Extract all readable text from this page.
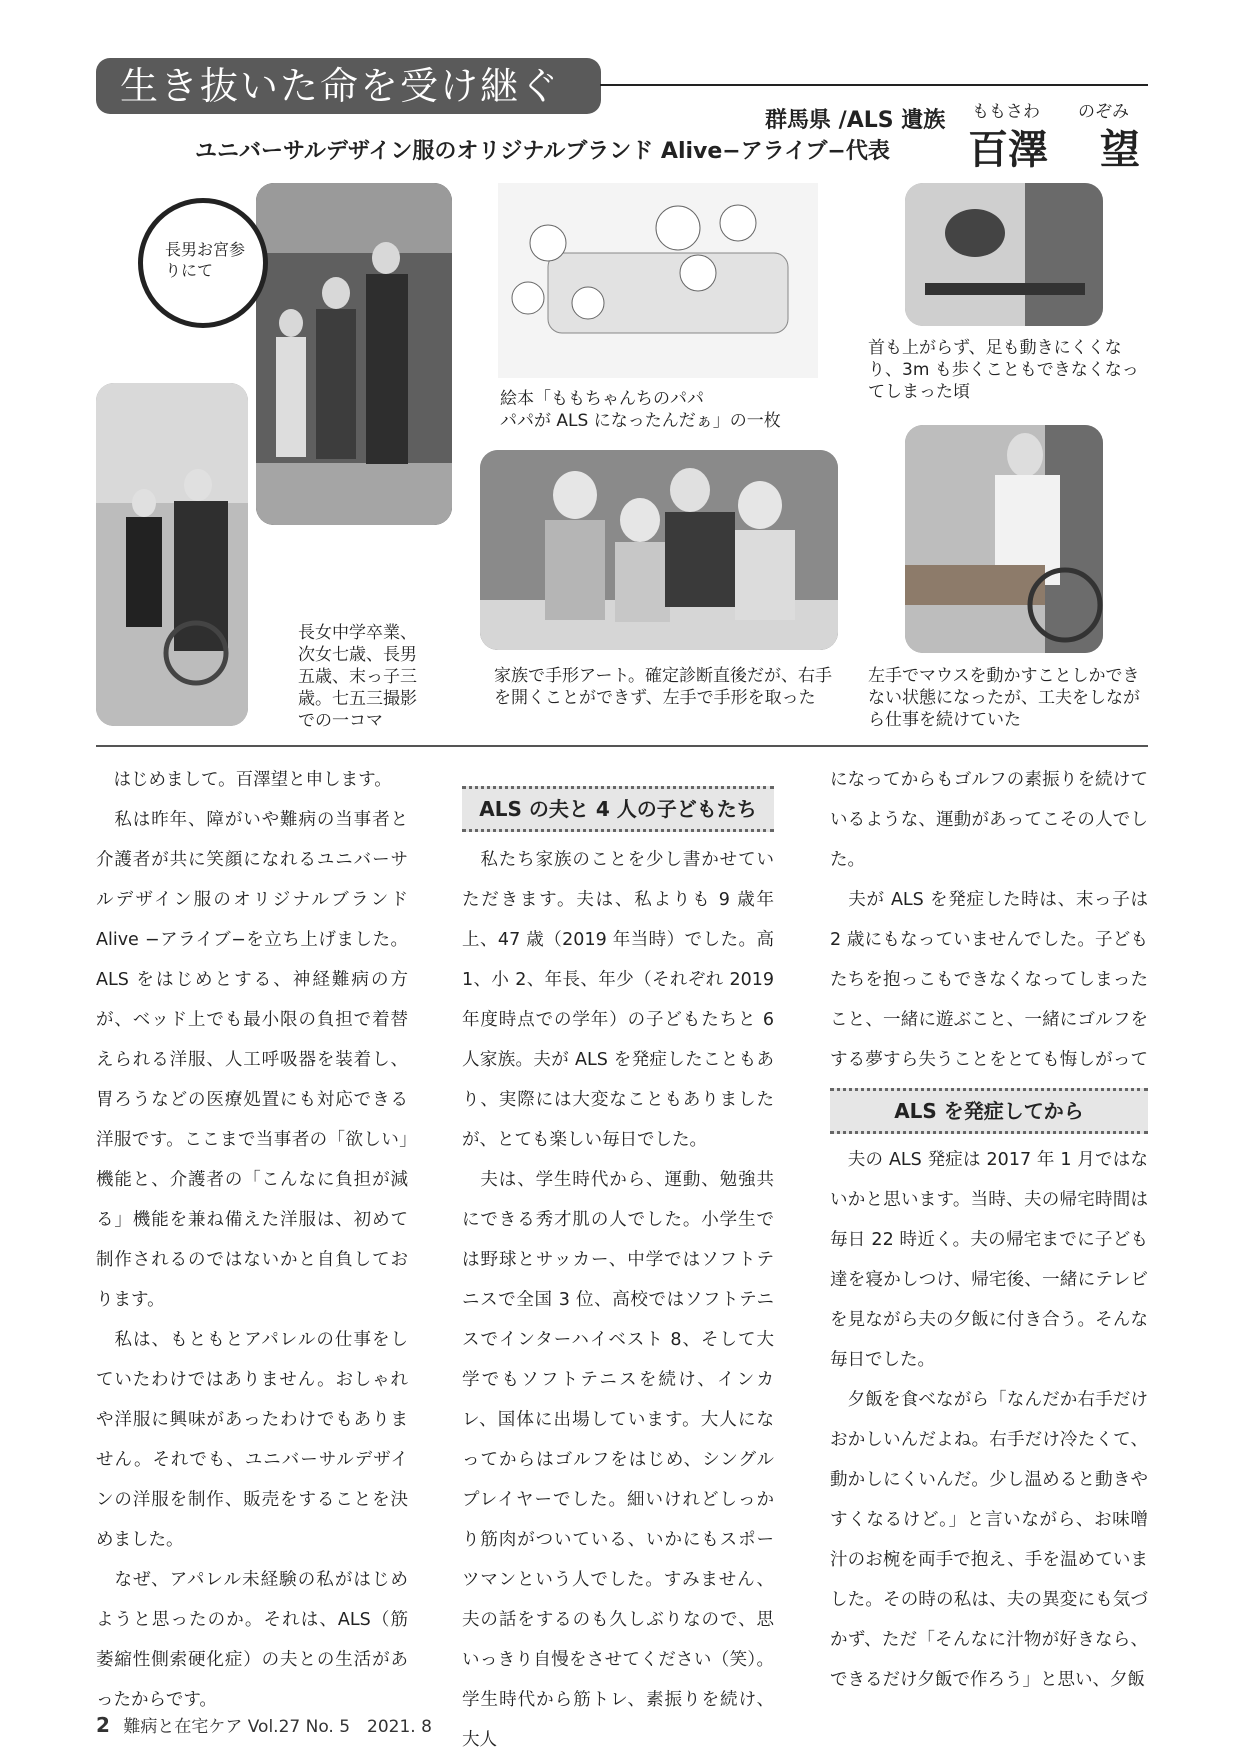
生き抜いた命を受け継ぐ
ももさわ のぞみ
群馬県 /ALS 遺族
ユニバーサルデザイン服のオリジナルブランド Alive−アライブ−代表 百澤 望
長男お宮参りにて
長女中学卒業、次女七歳、長男五歳、末っ子三歳。七五三撮影での一コマ
絵本「ももちゃんちのパパ
パパが ALS になったんだぁ」の一枚
首も上がらず、足も動きにくくなり、3m も歩くこともできなくなってしまった頃
家族で手形アート。確定診断直後だが、右手を開くことができず、左手で手形を取った
左手でマウスを動かすことしかできない状態になったが、工夫をしながら仕事を続けていた
　はじめまして。百澤望と申します。
　私は昨年、障がいや難病の当事者と介護者が共に笑顔になれるユニバーサルデザイン服のオリジナルブランド Alive −アライブ−を立ち上げました。ALS をはじめとする、神経難病の方が、ベッド上でも最小限の負担で着替えられる洋服、人工呼吸器を装着し、胃ろうなどの医療処置にも対応できる洋服です。ここまで当事者の「欲しい」機能と、介護者の「こんなに負担が減る」機能を兼ね備えた洋服は、初めて制作されるのではないかと自負しております。
　私は、もともとアパレルの仕事をしていたわけではありません。おしゃれや洋服に興味があったわけでもありません。それでも、ユニバーサルデザインの洋服を制作、販売をすることを決めました。
　なぜ、アパレル未経験の私がはじめようと思ったのか。それは、ALS（筋萎縮性側索硬化症）の夫との生活があったからです。
ALS の夫と 4 人の子どもたち
　私たち家族のことを少し書かせていただきます。夫は、私よりも 9 歳年上、47 歳（2019 年当時）でした。高 1、小 2、年長、年少（それぞれ 2019 年度時点での学年）の子どもたちと 6 人家族。夫が ALS を発症したこともあり、実際には大変なこともありましたが、とても楽しい毎日でした。
　夫は、学生時代から、運動、勉強共にできる秀才肌の人でした。小学生では野球とサッカー、中学ではソフトテニスで全国 3 位、高校ではソフトテニスでインターハイベスト 8、そして大学でもソフトテニスを続け、インカレ、国体に出場しています。大人になってからはゴルフをはじめ、シングルプレイヤーでした。細いけれどしっかり筋肉がついている、いかにもスポーツマンという人でした。すみません、夫の話をするのも久しぶりなので、思いっきり自慢をさせてください（笑）。学生時代から筋トレ、素振りを続け、大人
になってからもゴルフの素振りを続けているような、運動があってこその人でした。
　夫が ALS を発症した時は、末っ子は 2 歳にもなっていませんでした。子どもたちを抱っこもできなくなってしまったこと、一緒に遊ぶこと、一緒にゴルフをする夢すら失うことをとても悔しがって
ALS を発症してから
　夫の ALS 発症は 2017 年 1 月ではないかと思います。当時、夫の帰宅時間は毎日 22 時近く。夫の帰宅までに子ども達を寝かしつけ、帰宅後、一緒にテレビを見ながら夫の夕飯に付き合う。そんな毎日でした。
　夕飯を食べながら「なんだか右手だけおかしいんだよね。右手だけ冷たくて、動かしにくいんだ。少し温めると動きやすくなるけど。」と言いながら、お味噌汁のお椀を両手で抱え、手を温めていました。その時の私は、夫の異変にも気づかず、ただ「そんなに汁物が好きなら、できるだけ夕飯で作ろう」と思い、夕飯
2 難病と在宅ケア Vol.27 No. 5　2021. 8
